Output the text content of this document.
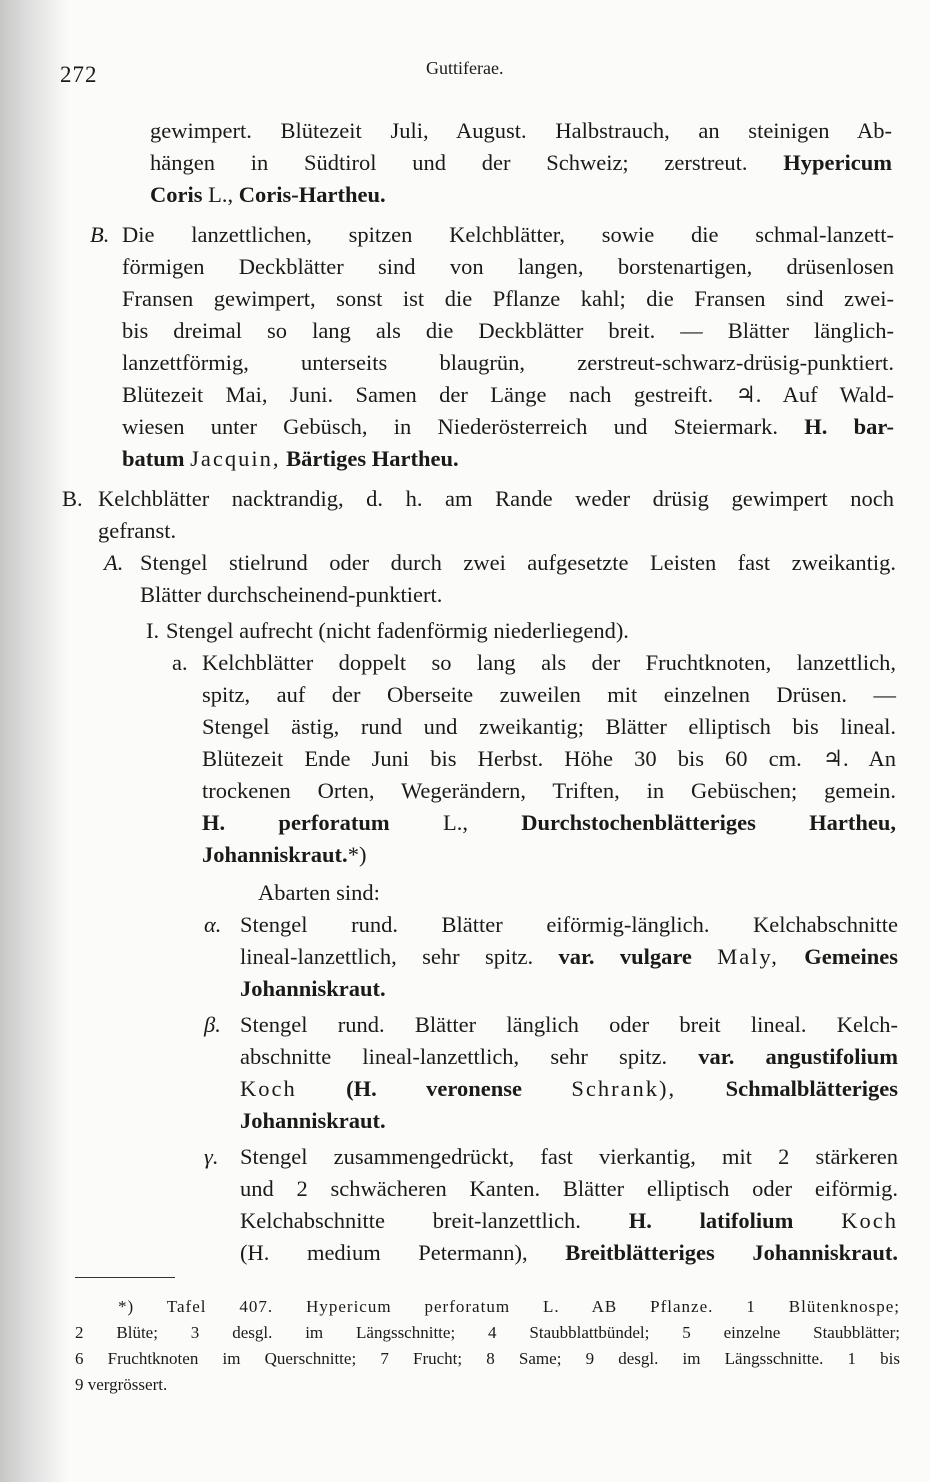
272	Guttiferae.
gewimpert. Blütezeit Juli, August. Halbstrauch, an steinigen Ab-
hängen in Südtirol und der Schweiz; zerstreut. Hypericum
Coris L., Coris-Hartheu.
B. Die lanzettlichen, spitzen Kelchblätter, sowie die schmal-lanzett-
förmigen Deckblätter sind von langen, borstenartigen, drüsenlosen
Fransen gewimpert, sonst ist die Pflanze kahl; die Fransen sind zwei-
bis dreimal so lang als die Deckblätter breit. — Blätter länglich-
lanzettförmig, unterseits blaugrün, zerstreut-schwarz-drüsig-punktiert.
Blütezeit Mai, Juni. Samen der Länge nach gestreift. ♃. Auf Wald-
wiesen unter Gebüsch, in Niederösterreich und Steiermark. H. bar-
batum Jacquin, Bärtiges Hartheu.
B. Kelchblätter nacktrandig, d. h. am Rande weder drüsig gewimpert noch
gefranst.
A. Stengel stielrund oder durch zwei aufgesetzte Leisten fast zweikantig.
Blätter durchscheinend-punktiert.
I. Stengel aufrecht (nicht fadenförmig niederliegend).
a. Kelchblätter doppelt so lang als der Fruchtknoten, lanzettlich,
spitz, auf der Oberseite zuweilen mit einzelnen Drüsen. —
Stengel ästig, rund und zweikantig; Blätter elliptisch bis lineal.
Blütezeit Ende Juni bis Herbst. Höhe 30 bis 60 cm. ♃. An
trockenen Orten, Wegerändern, Triften, in Gebüschen; gemein.
H. perforatum L., Durchstochenblätteriges Hartheu,
Johanniskraut.*)
Abarten sind:
α. Stengel rund. Blätter eiförmig-länglich. Kelchabschnitte
lineal-lanzettlich, sehr spitz. var. vulgare Maly, Gemeines
Johanniskraut.
β. Stengel rund. Blätter länglich oder breit lineal. Kelch-
abschnitte lineal-lanzettlich, sehr spitz. var. angustifolium
Koch (H. veronense Schrank), Schmalblätteriges
Johanniskraut.
γ. Stengel zusammengedrückt, fast vierkantig, mit 2 stärkeren
und 2 schwächeren Kanten. Blätter elliptisch oder eiförmig.
Kelchabschnitte breit-lanzettlich. H. latifolium Koch
(H. medium Petermann), Breitblätteriges Johanniskraut.
*) Tafel 407. Hypericum perforatum L. AB Pflanze. 1 Blütenknospe;
2 Blüte; 3 desgl. im Längsschnitte; 4 Staubblattbündel; 5 einzelne Staubblätter;
6 Fruchtknoten im Querschnitte; 7 Frucht; 8 Same; 9 desgl. im Längsschnitte. 1 bis
9 vergrössert.
